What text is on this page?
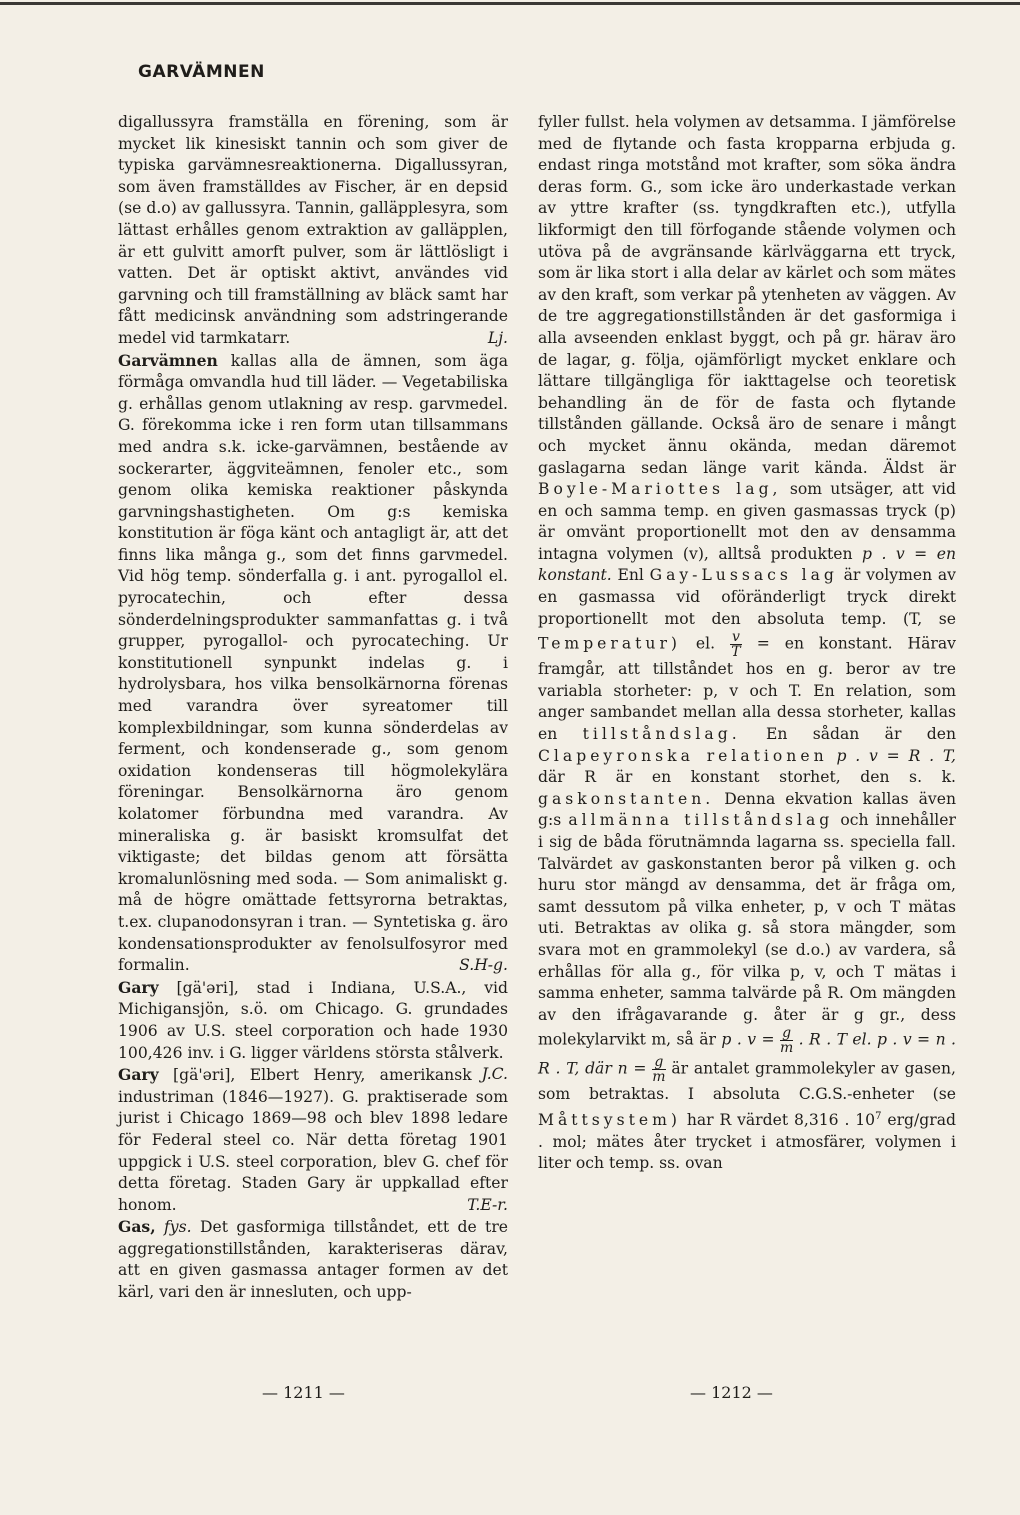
GARVÄMNEN

digallussyra framställa en förening, som är mycket lik kinesiskt tannin och som giver de typiska garvämnesreaktionerna. Digallussyran, som även framställdes av Fischer, är en depsid (se d.o) av gallussyra. Tannin, galläpplesyra, som lättast erhålles genom extraktion av galläpplen, är ett gulvitt amorft pulver, som är lättlösligt i vatten. Det är optiskt aktivt, användes vid garvning och till framställning av bläck samt har fått medicinsk användning som adstringerande medel vid tarmkatarr.	Lj.

Garvämnen kallas alla de ämnen, som äga förmåga omvandla hud till läder. — Vegetabiliska g. erhållas genom utlakning av resp. garvmedel. G. förekomma icke i ren form utan tillsammans med andra s.k. icke-garvämnen, bestående av sockerarter, äggviteämnen, fenoler etc., som genom olika kemiska reaktioner påskynda garvningshastigheten. Om g:s kemiska konstitution är föga känt och antagligt är, att det finns lika många g., som det finns garvmedel. Vid hög temp. sönderfalla g. i ant. pyrogallol el. pyrocatechin, och efter dessa sönderdelningsprodukter sammanfattas g. i två grupper, pyrogallol- och pyrocateching. Ur konstitutionell synpunkt indelas g. i hydrolysbara, hos vilka bensolkärnorna förenas med varandra över syreatomer till komplexbildningar, som kunna sönderdelas av ferment, och kondenserade g., som genom oxidation kondenseras till högmolekylära föreningar. Bensolkärnorna äro genom kolatomer förbundna med varandra. Av mineraliska g. är basiskt kromsulfat det viktigaste; det bildas genom att försätta kromalunlösning med soda. — Som animaliskt g. må de högre omättade fettsyrorna betraktas, t.ex. clupanodonsyran i tran. — Syntetiska g. äro kondensationsprodukter av fenolsulfosyror med formalin.	S.H-g.

Gary [gä'əri], stad i Indiana, U.S.A., vid Michigansjön, s.ö. om Chicago. G. grundades 1906 av U.S. steel corporation och hade 1930 100,426 inv. i G. ligger världens största stålverk.
J.C.

Gary [gä'əri], Elbert Henry, amerikansk industriman (1846—1927). G. praktiserade som jurist i Chicago 1869—98 och blev 1898 ledare för Federal steel co. När detta företag 1901 uppgick i U.S. steel corporation, blev G. chef för detta företag. Staden Gary är uppkallad efter honom.	T.E-r.

Gas, fys. Det gasformiga tillståndet, ett de tre aggregationstillstånden, karakteriseras därav, att en given gasmassa antager formen av det kärl, vari den är innesluten, och upp-

fyller fullst. hela volymen av detsamma. I jämförelse med de flytande och fasta kropparna erbjuda g. endast ringa motstånd mot krafter, som söka ändra deras form. G., som icke äro underkastade verkan av yttre krafter (ss. tyngdkraften etc.), utfylla likformigt den till förfogande stående volymen och utöva på de avgränsande kärlväggarna ett tryck, som är lika stort i alla delar av kärlet och som mätes av den kraft, som verkar på ytenheten av väggen. Av de tre aggregationstillstånden är det gasformiga i alla avseenden enklast byggt, och på gr. härav äro de lagar, g. följa, ojämförligt mycket enklare och lättare tillgängliga för iakttagelse och teoretisk behandling än de för de fasta och flytande tillstånden gällande. Också äro de senare i mångt och mycket ännu okända, medan däremot gaslagarna sedan länge varit kända. Äldst är Boyle-Mariottes lag, som utsäger, att vid en och samma temp. en given gasmassas tryck (p) är omvänt proportionellt mot den av densamma intagna volymen (v), alltså produkten p . v = en konstant. Enl Gay-Lussacs lag är volymen av en gasmassa vid oföränderligt tryck direkt proportionellt mot den absoluta temp. (T, se Temperatur) el. $\frac{v}{T}$ = en konstant. Härav framgår, att tillståndet hos en g. beror av tre variabla storheter: p, v och T. En relation, som anger sambandet mellan alla dessa storheter, kallas en tillståndslag. En sådan är den Clapeyronska relationen p . v = R . T, där R är en konstant storhet, den s. k. gaskonstanten. Denna ekvation kallas även g:s allmänna tillståndslag och innehåller i sig de båda förutnämnda lagarna ss. speciella fall. Talvärdet av gaskonstanten beror på vilken g. och huru stor mängd av densamma, det är fråga om, samt dessutom på vilka enheter, p, v och T mätas uti. Betraktas av olika g. så stora mängder, som svara mot en grammolekyl (se d.o.) av vardera, så erhållas för alla g., för vilka p, v, och T mätas i samma enheter, samma talvärde på R. Om mängden av den ifrågavarande g. åter är g gr., dess molekylarvikt m, så är p . $v = \frac{g}{m}$ . R . T el. p . v = n . R . T, där $n = \frac{g}{m}$ är antalet grammolekyler av gasen, som betraktas. I absoluta C.G.S.-enheter (se Måttsystem) har R värdet 8,316 . $10^7$ erg/grad . mol; mätes åter trycket i atmosfärer, volymen i liter och temp. ss. ovan

— 1211 —	— 1212 —
